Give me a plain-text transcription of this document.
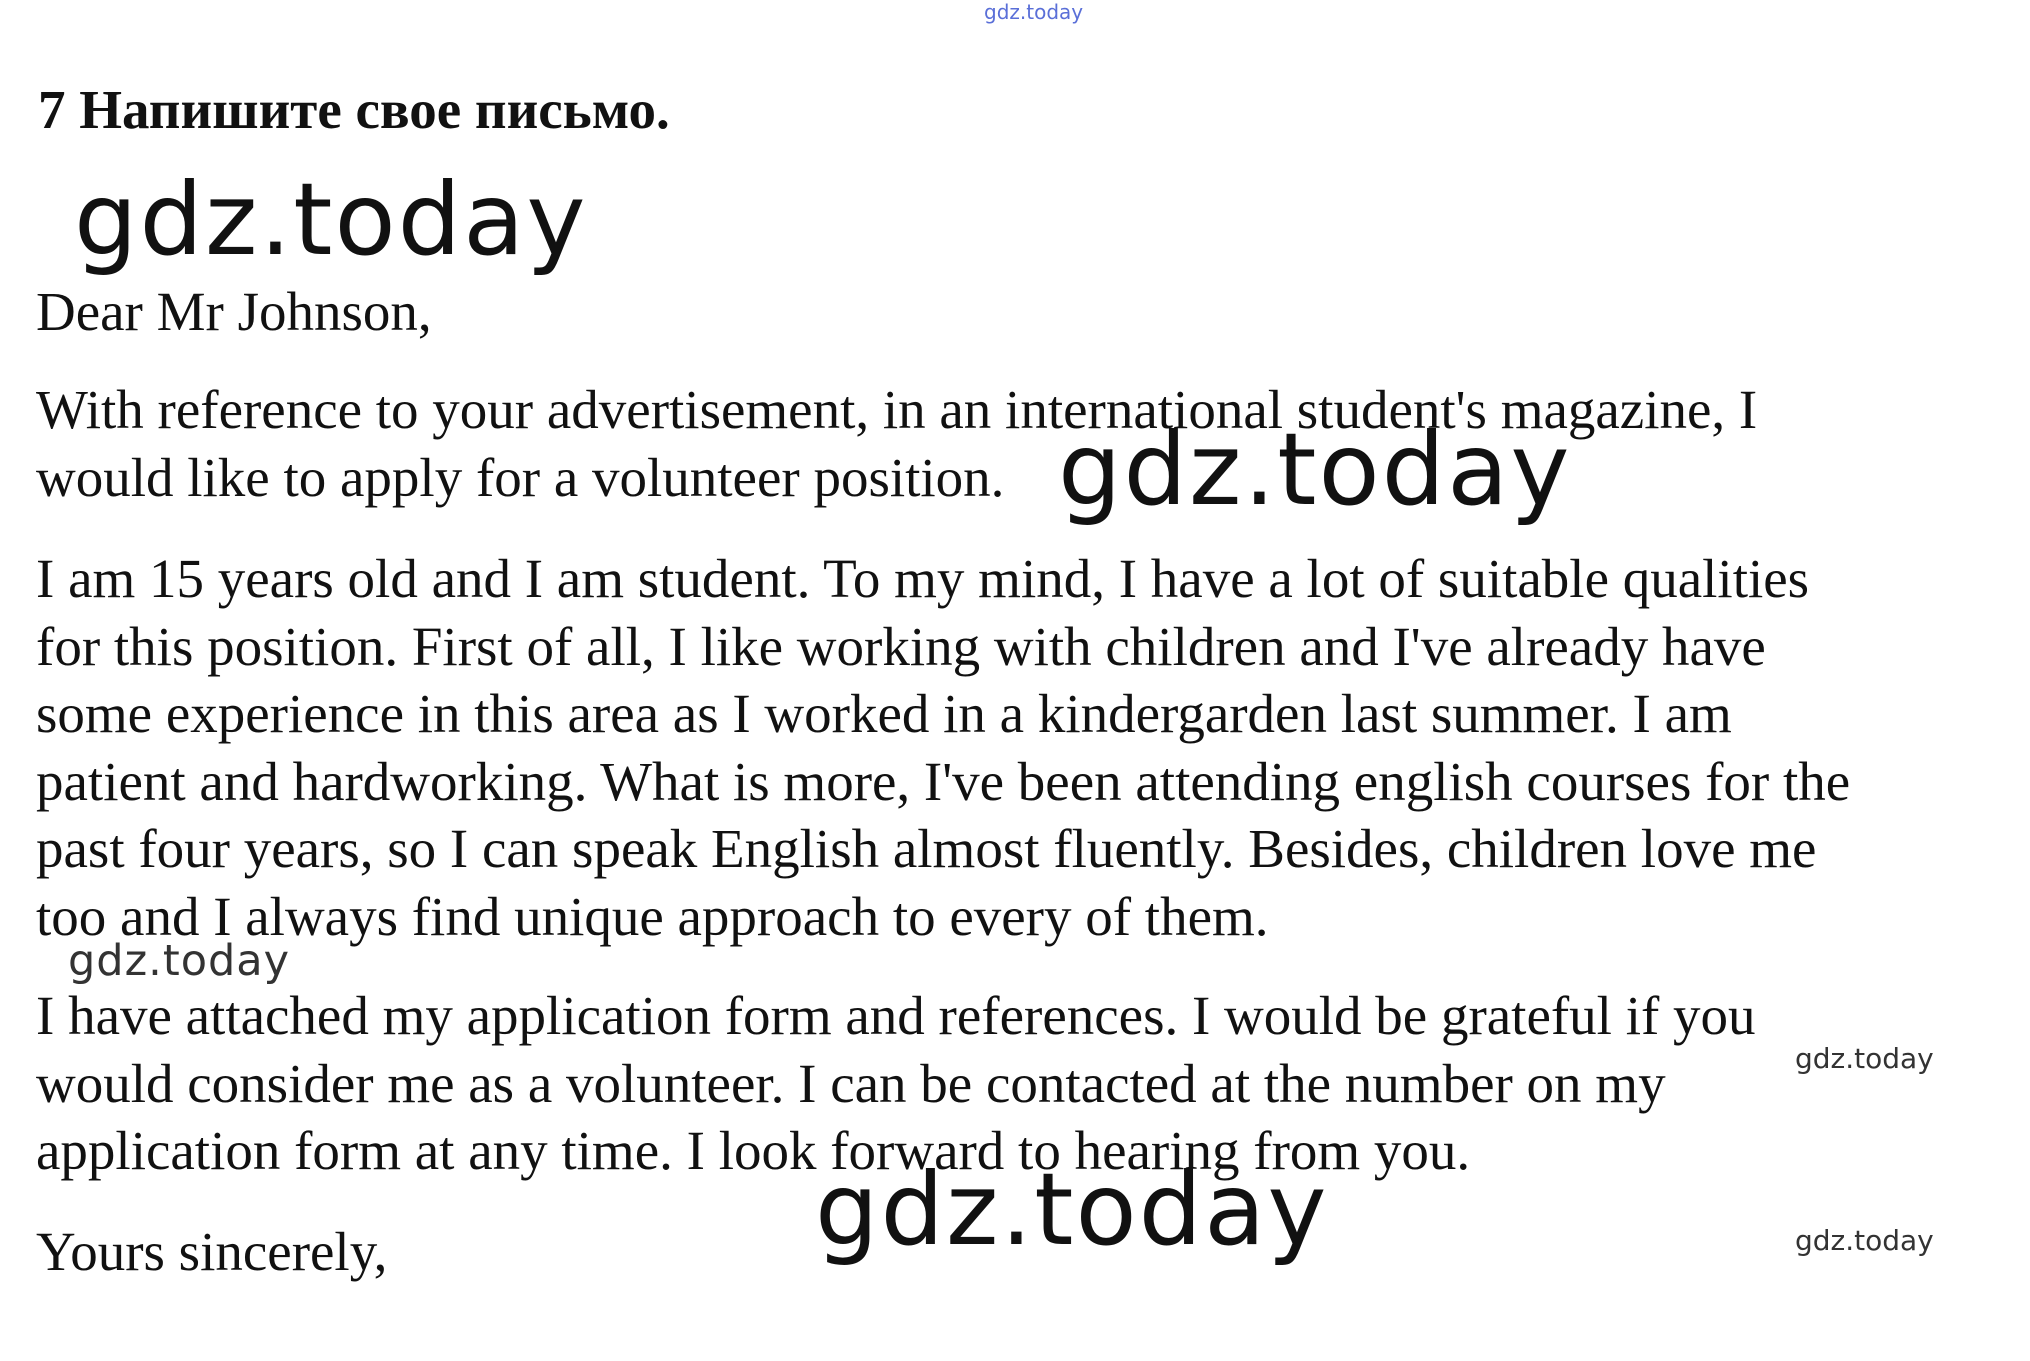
gdz.today
7 Напишите свое письмо.
gdz.today

Dear Mr Johnson,

With reference to your advertisement, in an international student's magazine, I
would like to apply for a volunteer position. gdz.today

I am 15 years old and I am student. To my mind, I have a lot of suitable qualities
for this position. First of all, I like working with children and I've already have
some experience in this area as I worked in a kindergarden last summer. I am
patient and hardworking. What is more, I've been attending english courses for the
past four years, so I can speak English almost fluently. Besides, children love me
too and I always find unique approach to every of them.

gdz.today

I have attached my application form and references. I would be grateful if you
would consider me as a volunteer. I can be contacted at the number on my
application form at any time. I look forward to hearing from you.

gdz.today

Yours sincerely,	gdz.today	gdz.today
